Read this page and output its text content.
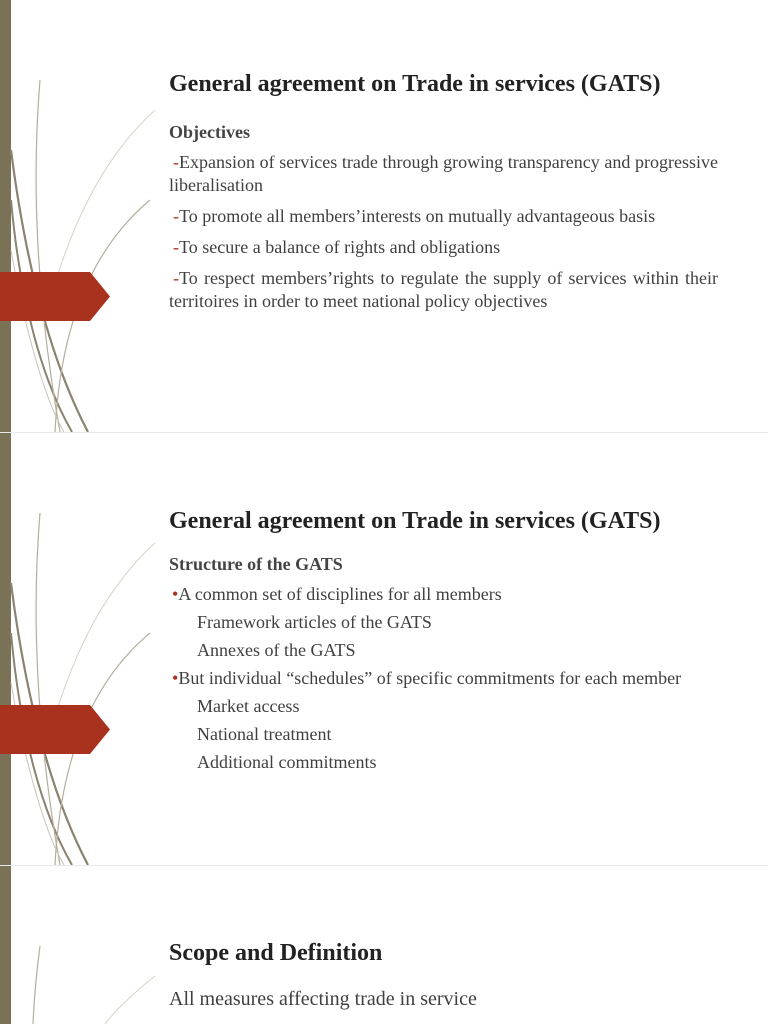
General agreement on Trade in services (GATS)

Objectives

-Expansion of services trade through growing transparency and progressive liberalisation

-To promote all members’interests on mutually advantageous basis

-To secure a balance of rights and obligations

-To respect members’rights to regulate the supply of services within their territoires in order to meet national policy objectives

General agreement on Trade in services (GATS)

Structure of the GATS

•A common set of disciplines for all members

Framework articles of the GATS

Annexes of the GATS

•But individual “schedules” of specific commitments for each member

Market access

National treatment

Additional commitments

Scope and Definition

All measures affecting trade in service
